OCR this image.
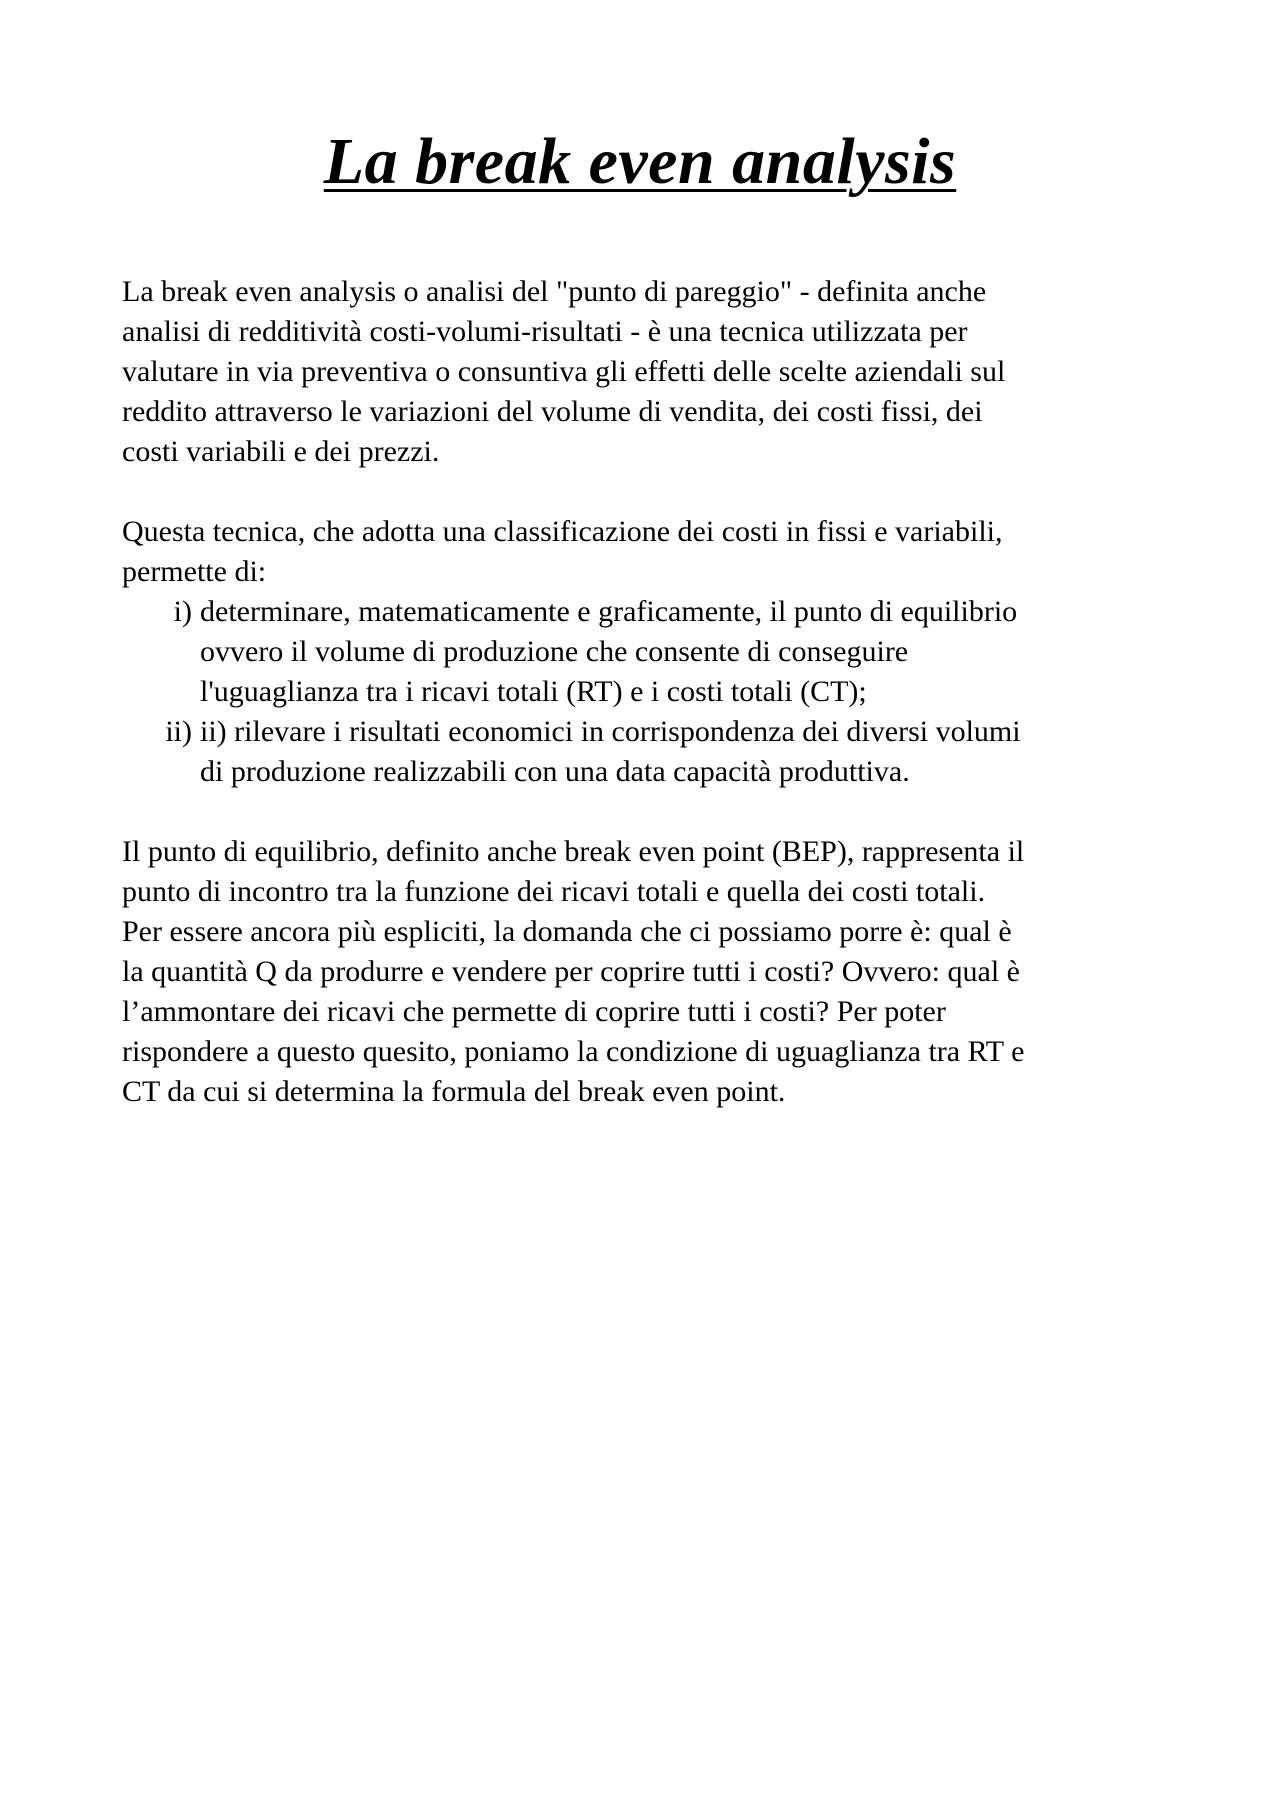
La break even analysis

La break even analysis o analisi del "punto di pareggio" - definita anche
analisi di redditività costi-volumi-risultati - è una tecnica utilizzata per
valutare in via preventiva o consuntiva gli effetti delle scelte aziendali sul
reddito attraverso le variazioni del volume di vendita, dei costi fissi, dei
costi variabili e dei prezzi.

Questa tecnica, che adotta una classificazione dei costi in fissi e variabili,
permette di:

i) determinare, matematicamente e graficamente, il punto di equilibrio
ovvero il volume di produzione che consente di conseguire
l'uguaglianza tra i ricavi totali (RT) e i costi totali (CT);
ii) ii) rilevare i risultati economici in corrispondenza dei diversi volumi
di produzione realizzabili con una data capacità produttiva.

Il punto di equilibrio, definito anche break even point (BEP), rappresenta il
punto di incontro tra la funzione dei ricavi totali e quella dei costi totali.
Per essere ancora più espliciti, la domanda che ci possiamo porre è: qual è
la quantità Q da produrre e vendere per coprire tutti i costi? Ovvero: qual è
l’ammontare dei ricavi che permette di coprire tutti i costi? Per poter
rispondere a questo quesito, poniamo la condizione di uguaglianza tra RT e
CT da cui si determina la formula del break even point.
